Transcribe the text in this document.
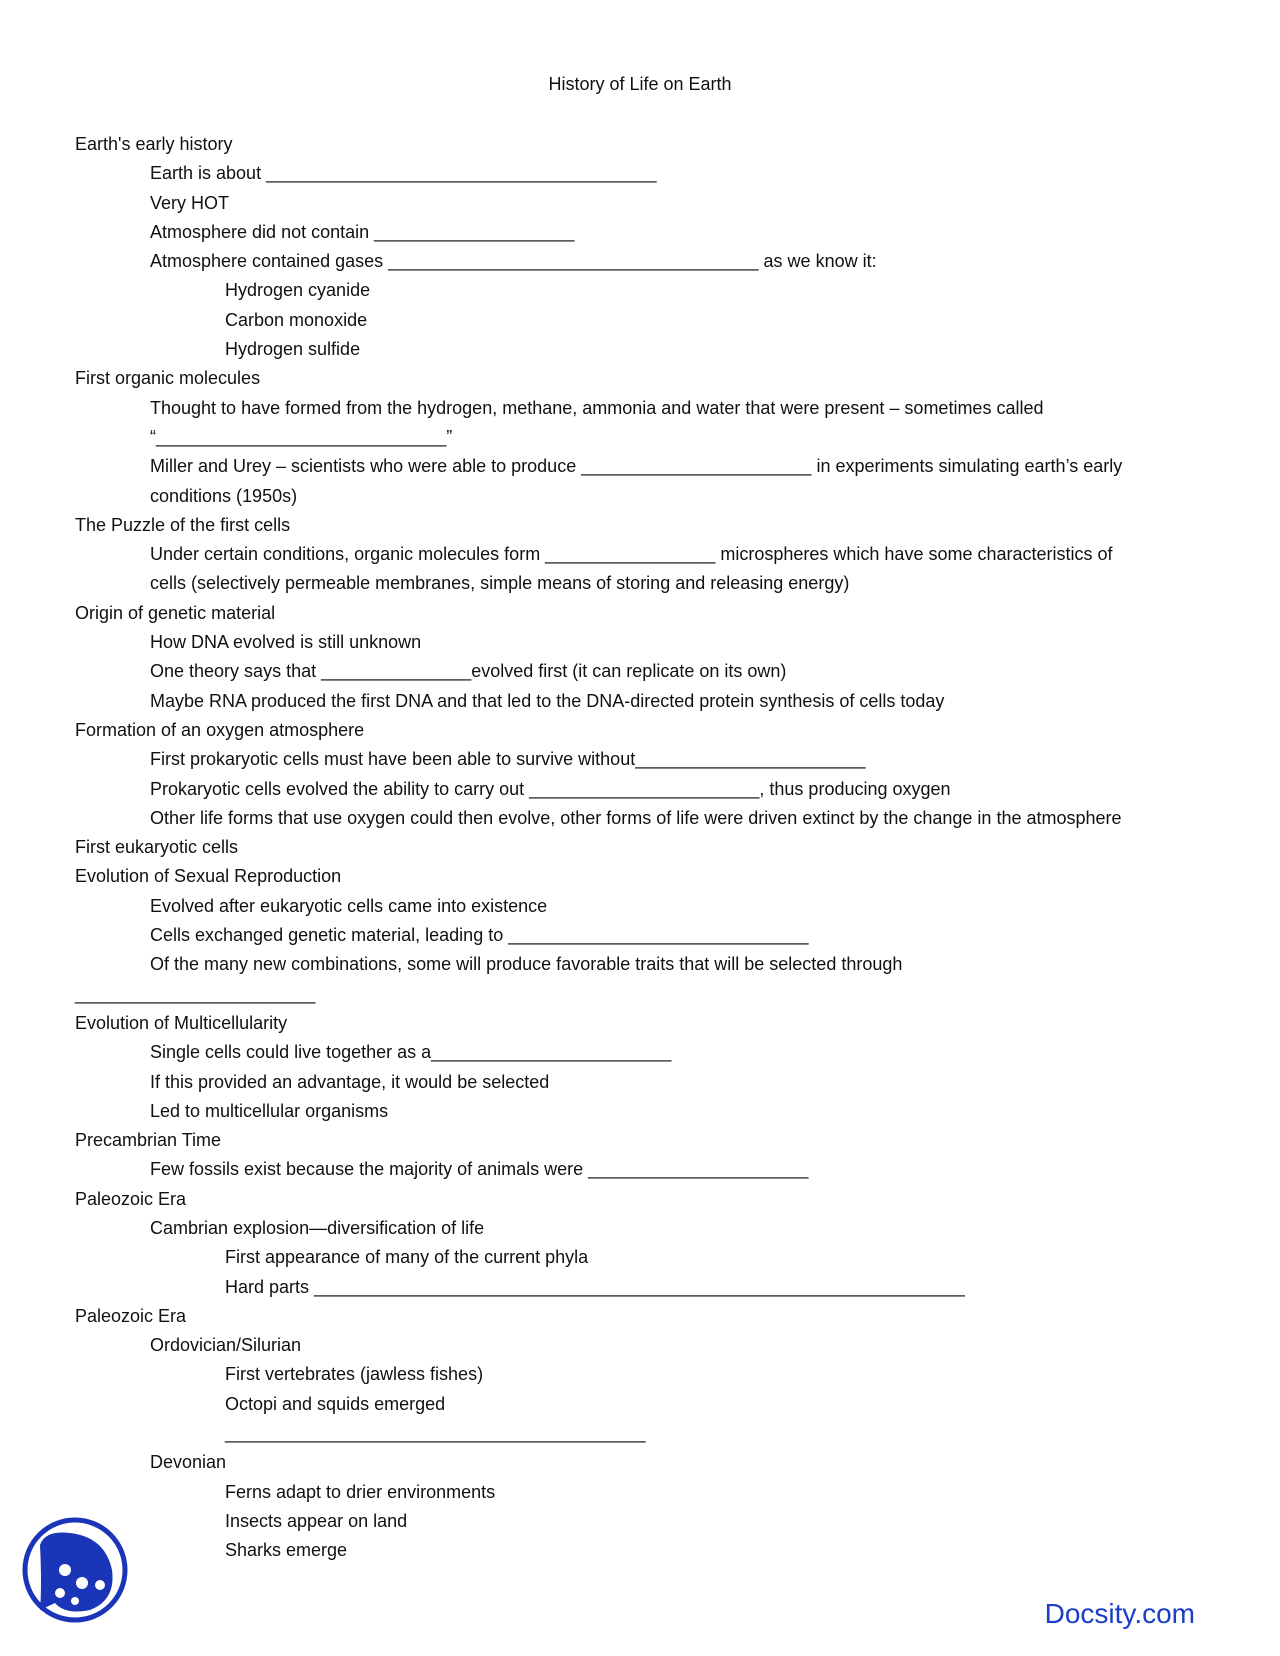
History of Life on Earth
Earth's early history
Earth is about _______________________________________
Very HOT
Atmosphere did not contain ____________________
Atmosphere contained gases _____________________________________ as we know it:
Hydrogen cyanide
Carbon monoxide
Hydrogen sulfide
First organic molecules
Thought to have formed from the hydrogen, methane, ammonia and water that were present – sometimes called
“_____________________________”
Miller and Urey – scientists who were able to produce _______________________ in experiments simulating earth’s early
conditions (1950s)
The Puzzle of the first cells
Under certain conditions, organic molecules form _________________ microspheres which have some characteristics of
cells (selectively permeable membranes, simple means of storing and releasing energy)
Origin of genetic material
How DNA evolved is still unknown
One theory says that _______________evolved first (it can replicate on its own)
Maybe RNA produced the first DNA and that led to the DNA-directed protein synthesis of cells today
Formation of an oxygen atmosphere
First prokaryotic cells must have been able to survive without_______________________
Prokaryotic cells evolved the ability to carry out _______________________, thus producing oxygen
Other life forms that use oxygen could then evolve, other forms of life were driven extinct by the change in the atmosphere
First eukaryotic cells
Evolution of Sexual Reproduction
Evolved after eukaryotic cells came into existence
Cells exchanged genetic material, leading to ______________________________
Of the many new combinations, some will produce favorable traits that will be selected through
________________________
Evolution of Multicellularity
Single cells could live together as a________________________
If this provided an advantage, it would be selected
Led to multicellular organisms
Precambrian Time
Few fossils exist because the majority of animals were ______________________
Paleozoic Era
Cambrian explosion—diversification of life
First appearance of many of the current phyla
Hard parts _________________________________________________________________
Paleozoic Era
Ordovician/Silurian
First vertebrates (jawless fishes)
Octopi and squids emerged
__________________________________________
Devonian
Ferns adapt to drier environments
Insects appear on land
Sharks emerge
Docsity.com
